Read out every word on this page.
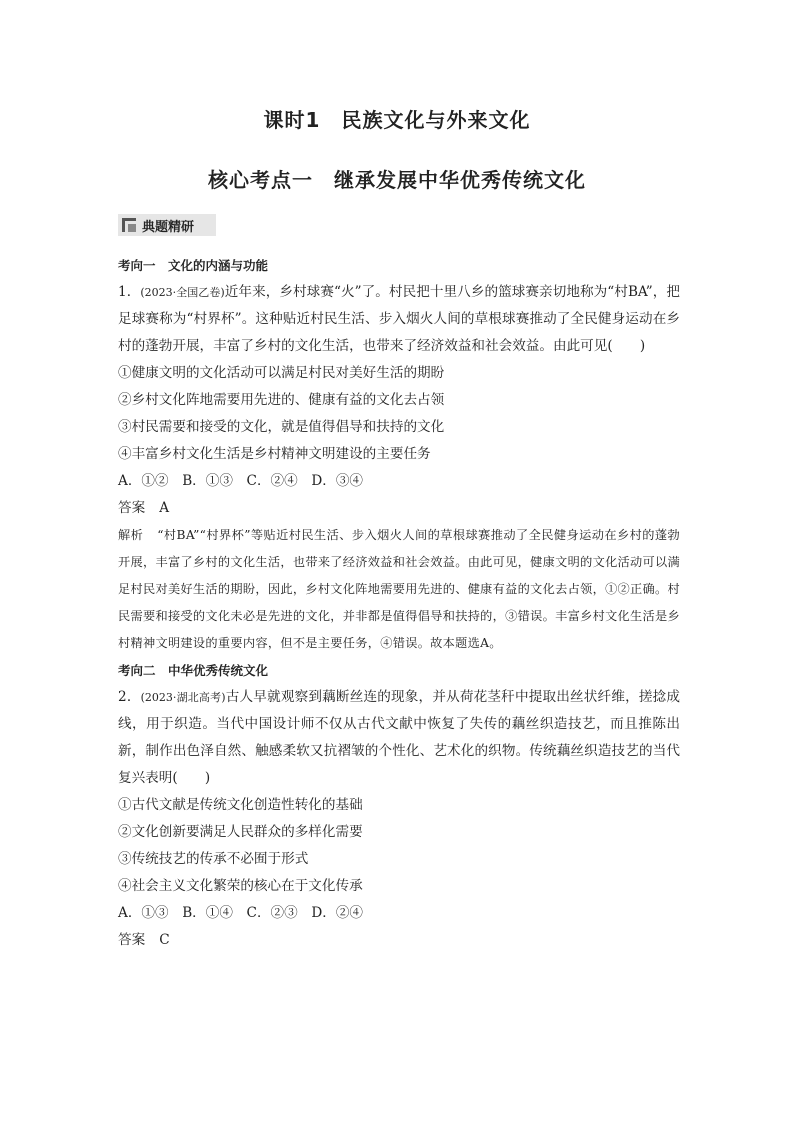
课时1　民族文化与外来文化
核心考点一　继承发展中华优秀传统文化
典题精研
考向一　文化的内涵与功能
1．(2023·全国乙卷)近年来，乡村球赛“火”了。村民把十里八乡的篮球赛亲切地称为“村BA”，把足球赛称为“村界杯”。这种贴近村民生活、步入烟火人间的草根球赛推动了全民健身运动在乡村的蓬勃开展，丰富了乡村的文化生活，也带来了经济效益和社会效益。由此可见(　　)
①健康文明的文化活动可以满足村民对美好生活的期盼
②乡村文化阵地需要用先进的、健康有益的文化去占领
③村民需要和接受的文化，就是值得倡导和扶持的文化
④丰富乡村文化生活是乡村精神文明建设的主要任务
A．①②　B．①③　C．②④　D．③④
答案 A
解析 “村BA”“村界杯”等贴近村民生活、步入烟火人间的草根球赛推动了全民健身运动在乡村的蓬勃开展，丰富了乡村的文化生活，也带来了经济效益和社会效益。由此可见，健康文明的文化活动可以满足村民对美好生活的期盼，因此，乡村文化阵地需要用先进的、健康有益的文化去占领，①②正确。村民需要和接受的文化未必是先进的文化，并非都是值得倡导和扶持的，③错误。丰富乡村文化生活是乡村精神文明建设的重要内容，但不是主要任务，④错误。故本题选A。
考向二　中华优秀传统文化
2．(2023·湖北高考)古人早就观察到藕断丝连的现象，并从荷花茎秆中提取出丝状纤维，搓捻成线，用于织造。当代中国设计师不仅从古代文献中恢复了失传的藕丝织造技艺，而且推陈出新，制作出色泽自然、触感柔软又抗褶皱的个性化、艺术化的织物。传统藕丝织造技艺的当代复兴表明(　　)
①古代文献是传统文化创造性转化的基础
②文化创新要满足人民群众的多样化需要
③传统技艺的传承不必囿于形式
④社会主义文化繁荣的核心在于文化传承
A．①③　B．①④　C．②③　D．②④
答案 C
